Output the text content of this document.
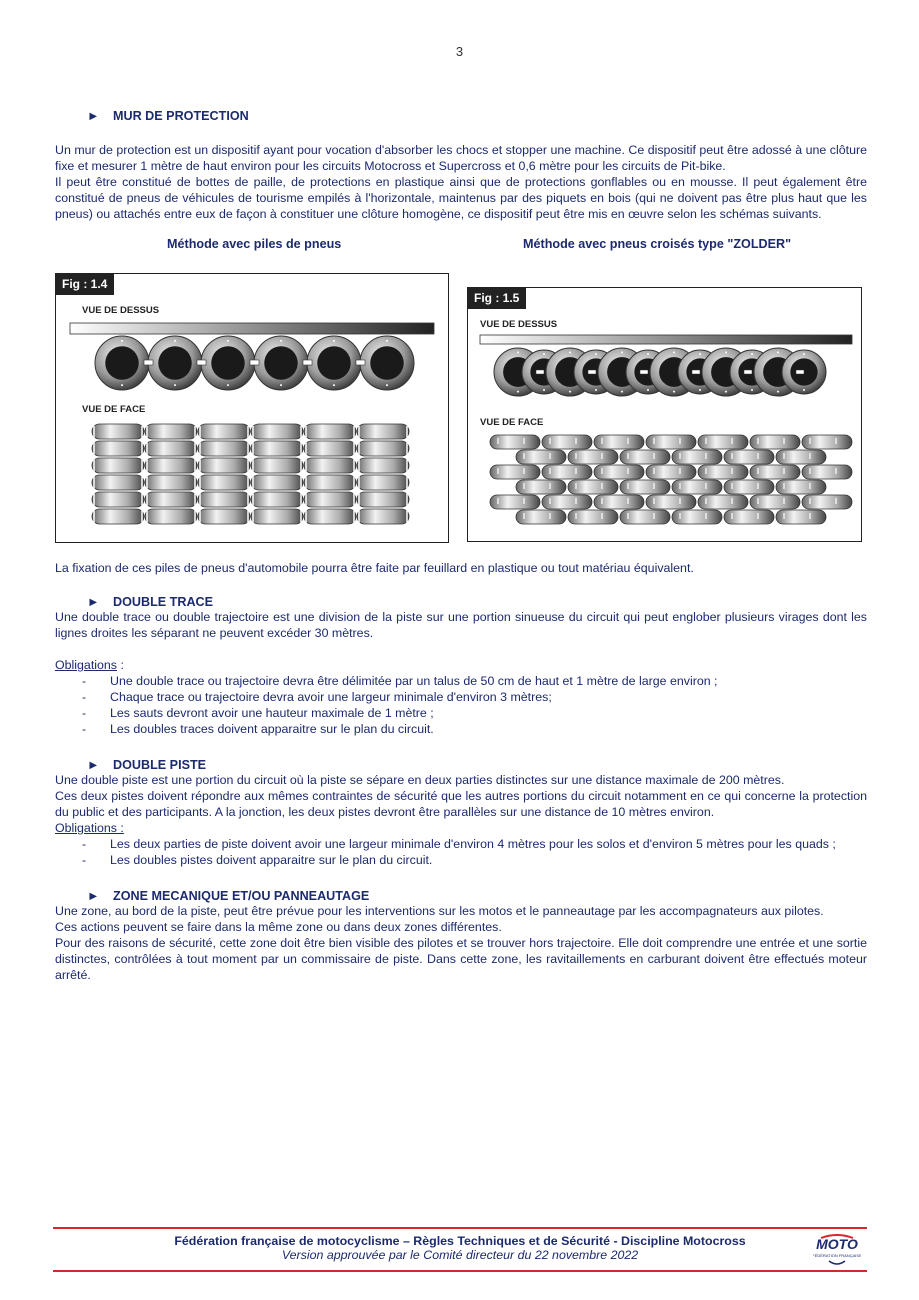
3
► MUR DE PROTECTION

Un mur de protection est un dispositif ayant pour vocation d'absorber les chocs et stopper une machine. Ce dispositif peut être adossé à une clôture fixe et mesurer 1 mètre de haut environ pour les circuits Motocross et Supercross et 0,6 mètre pour les circuits de Pit-bike.

Il peut être constitué de bottes de paille, de protections en plastique ainsi que de protections gonflables ou en mousse. Il peut également être constitué de pneus de véhicules de tourisme empilés à l'horizontale, maintenus par des piquets en bois (qui ne doivent pas être plus haut que les pneus) ou attachés entre eux de façon à constituer une clôture homogène, ce dispositif peut être mis en œuvre selon les schémas suivants.

Méthode avec piles de pneus	Méthode avec pneus croisés type "ZOLDER"
Fig : 1.4
VUE DE DESSUS
VUE DE FACE
Fig : 1.5
VUE DE DESSUS
VUE DE FACE

La fixation de ces piles de pneus d'automobile pourra être faite par feuillard en plastique ou tout matériau équivalent.

► DOUBLE TRACE

Une double trace ou double trajectoire est une division de la piste sur une portion sinueuse du circuit qui peut englober plusieurs virages dont les lignes droites les séparant ne peuvent excéder 30 mètres.

Obligations :

- Une double trace ou trajectoire devra être délimitée par un talus de 50 cm de haut et 1 mètre de large environ ;
- Chaque trace ou trajectoire devra avoir une largeur minimale d'environ 3 mètres;
- Les sauts devront avoir une hauteur maximale de 1 mètre ;
- Les doubles traces doivent apparaitre sur le plan du circuit.
► DOUBLE PISTE

Une double piste est une portion du circuit où la piste se sépare en deux parties distinctes sur une distance maximale de 200 mètres.

Ces deux pistes doivent répondre aux mêmes contraintes de sécurité que les autres portions du circuit notamment en ce qui concerne la protection du public et des participants. A la jonction, les deux pistes devront être parallèles sur une distance de 10 mètres environ.

Obligations :

- Les deux parties de piste doivent avoir une largeur minimale d'environ 4 mètres pour les solos et d'environ 5 mètres pour les quads ;
- Les doubles pistes doivent apparaitre sur le plan du circuit.
► ZONE MECANIQUE ET/OU PANNEAUTAGE

Une zone, au bord de la piste, peut être prévue pour les interventions sur les motos et le panneautage par les accompagnateurs aux pilotes.

Ces actions peuvent se faire dans la même zone ou dans deux zones différentes.

Pour des raisons de sécurité, cette zone doit être bien visible des pilotes et se trouver hors trajectoire. Elle doit comprendre une entrée et une sortie distinctes, contrôlées à tout moment par un commissaire de piste. Dans cette zone, les ravitaillements en carburant doivent être effectués moteur arrêté.

Fédération française de motocyclisme – Règles Techniques et de Sécurité - Discipline Motocross
Version approuvée par le Comité directeur du 22 novembre 2022
MOTO
FÉDÉRATION FRANÇAISE
